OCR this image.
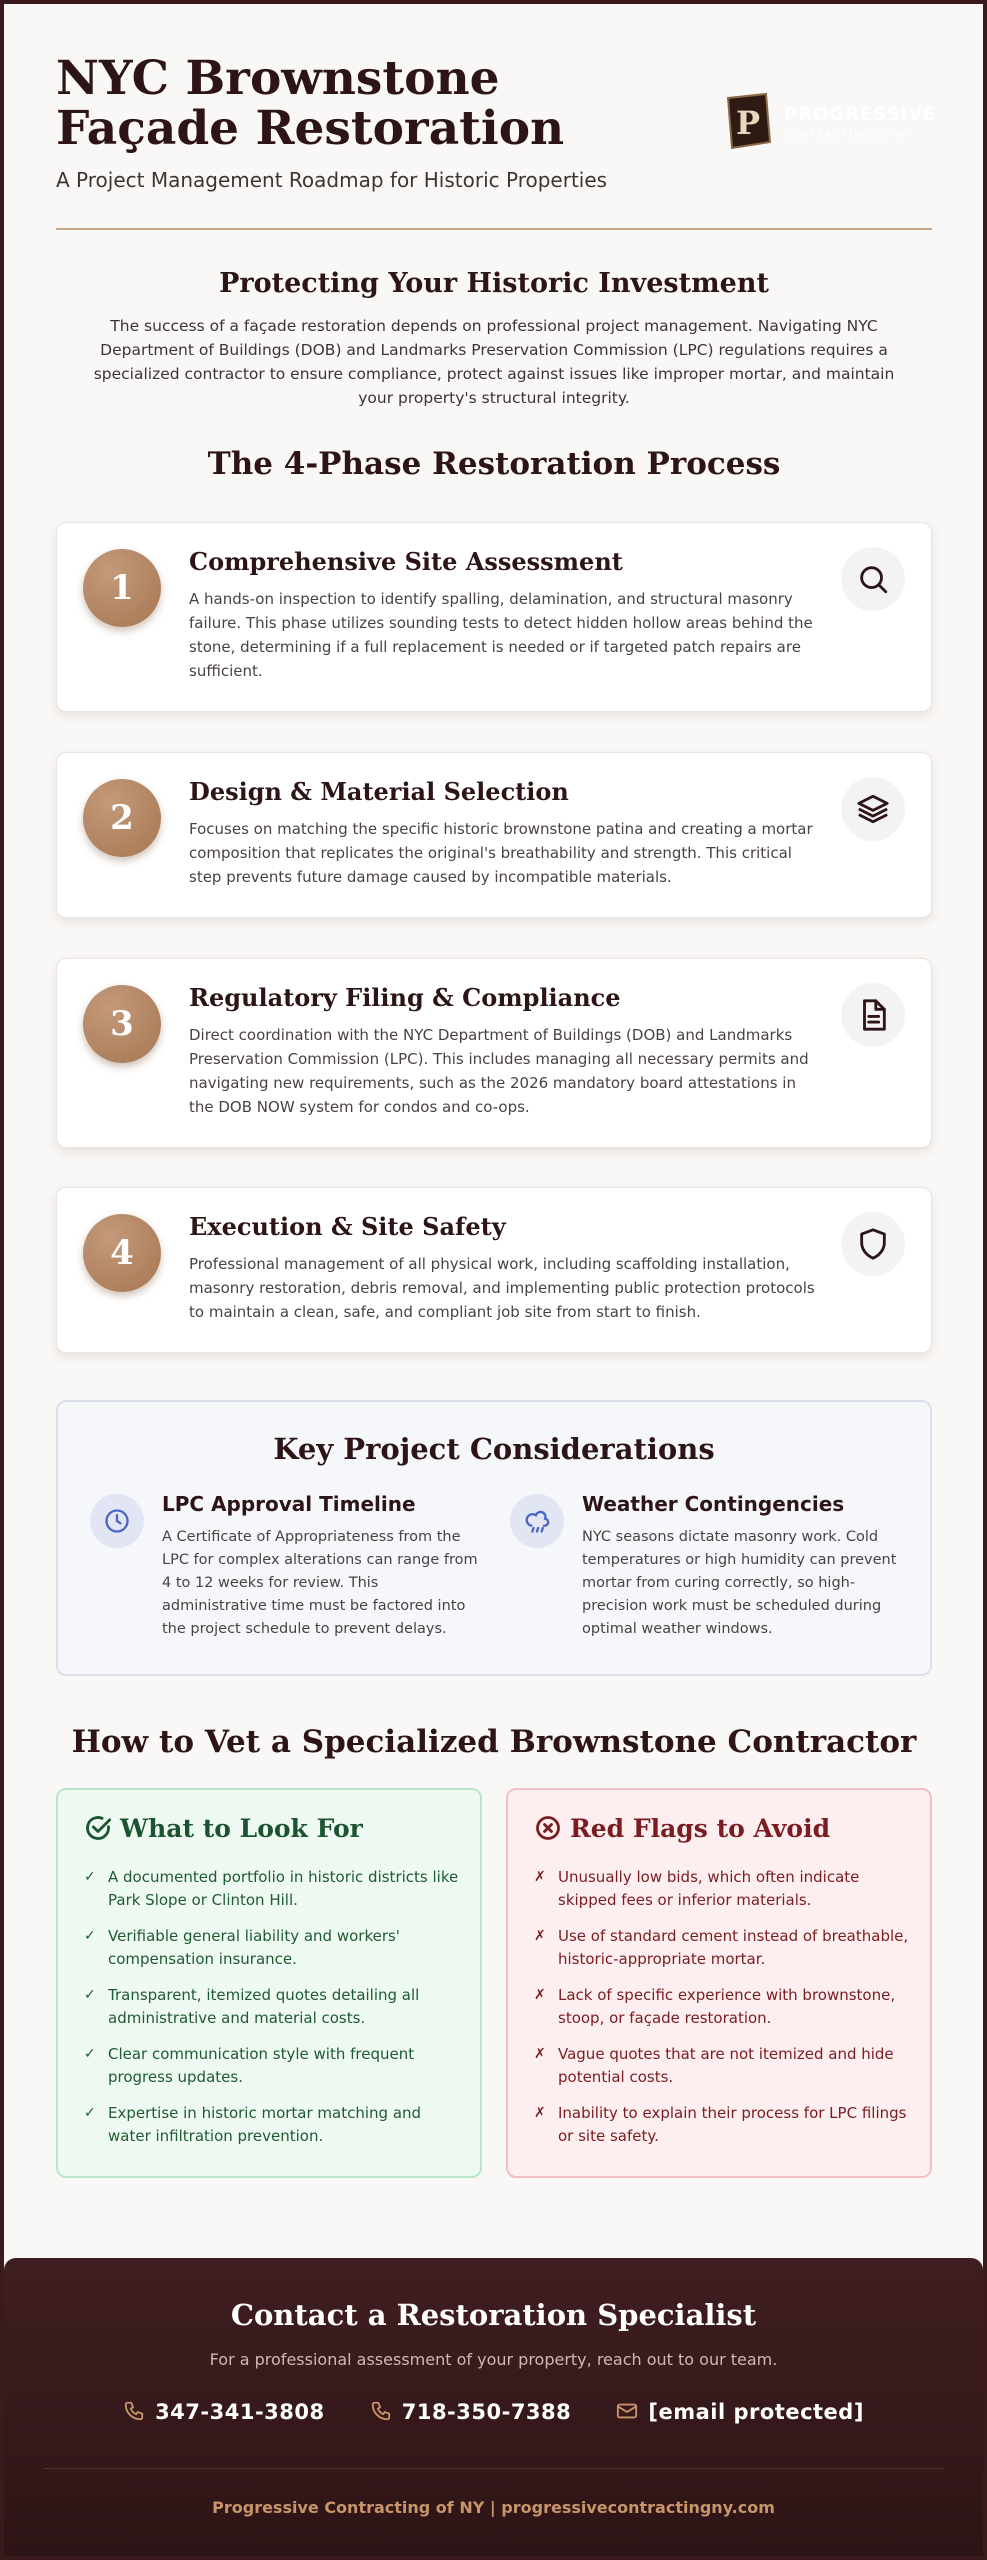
NYC Brownstone Façade Restoration
A Project Management Roadmap for Historic Properties
P PROGRESSIVE
CONTRACTING OF NY
Protecting Your Historic Investment

The success of a façade restoration depends on professional project management. Navigating NYC Department of Buildings (DOB) and Landmarks Preservation Commission (LPC) regulations requires a specialized contractor to ensure compliance, protect against issues like improper mortar, and maintain your property's structural integrity.

The 4-Phase Restoration Process
1
Comprehensive Site Assessment

A hands-on inspection to identify spalling, delamination, and structural masonry failure. This phase utilizes sounding tests to detect hidden hollow areas behind the stone, determining if a full replacement is needed or if targeted patch repairs are sufficient.

2
Design & Material Selection

Focuses on matching the specific historic brownstone patina and creating a mortar composition that replicates the original's breathability and strength. This critical step prevents future damage caused by incompatible materials.

3
Regulatory Filing & Compliance

Direct coordination with the NYC Department of Buildings (DOB) and Landmarks Preservation Commission (LPC). This includes managing all necessary permits and navigating new requirements, such as the 2026 mandatory board attestations in the DOB NOW system for condos and co-ops.

4
Execution & Site Safety

Professional management of all physical work, including scaffolding installation, masonry restoration, debris removal, and implementing public protection protocols to maintain a clean, safe, and compliant job site from start to finish.

Key Project Considerations
LPC Approval Timeline
A Certificate of Appropriateness from the LPC for complex alterations can range from 4 to 12 weeks for review. This administrative time must be factored into the project schedule to prevent delays.
Weather Contingencies
NYC seasons dictate masonry work. Cold temperatures or high humidity can prevent mortar from curing correctly, so high-precision work must be scheduled during optimal weather windows.
How to Vet a Specialized Brownstone Contractor
What to Look For
✓ A documented portfolio in historic districts like Park Slope or Clinton Hill.
✓ Verifiable general liability and workers' compensation insurance.
✓ Transparent, itemized quotes detailing all administrative and material costs.
✓ Clear communication style with frequent progress updates.
✓ Expertise in historic mortar matching and water infiltration prevention.
Red Flags to Avoid
✗ Unusually low bids, which often indicate skipped fees or inferior materials.
✗ Use of standard cement instead of breathable, historic-appropriate mortar.
✗ Lack of specific experience with brownstone, stoop, or façade restoration.
✗ Vague quotes that are not itemized and hide potential costs.
✗ Inability to explain their process for LPC filings or site safety.
Contact a Restoration Specialist
For a professional assessment of your property, reach out to our team.
347-341-3808	718-350-7388	[email protected]
Progressive Contracting of NY | progressivecontractingny.com
